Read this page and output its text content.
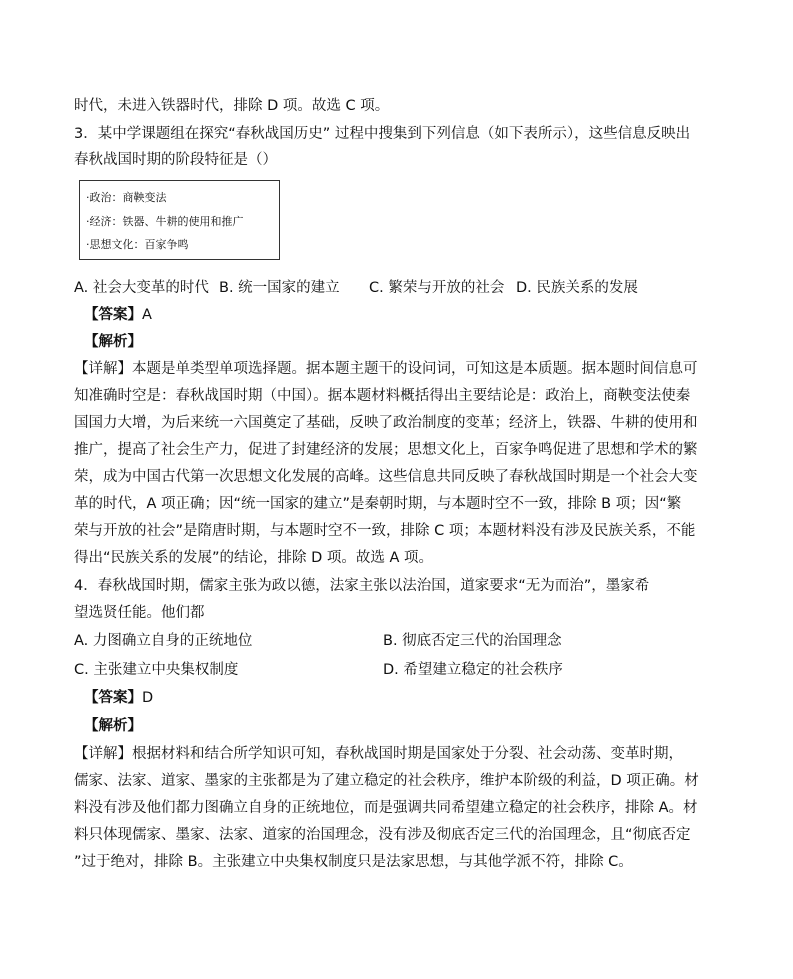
时代，未进入铁器时代，排除 D 项。故选 C 项。
3．某中学课题组在探究“春秋战国历史” 过程中搜集到下列信息（如下表所示），这些信息反映出
春秋战国时期的阶段特征是（）
·政治：商鞅变法
·经济：铁器、牛耕的使用和推广
·思想文化：百家争鸣
A. 社会大变革的时代 B. 统一国家的建立 C. 繁荣与开放的社会 D. 民族关系的发展
【答案】A
【解析】
【详解】本题是单类型单项选择题。据本题主题干的设问词，可知这是本质题。据本题时间信息可
知准确时空是：春秋战国时期（中国）。据本题材料概括得出主要结论是：政治上，商鞅变法使秦
国国力大增，为后来统一六国奠定了基础，反映了政治制度的变革；经济上，铁器、牛耕的使用和
推广，提高了社会生产力，促进了封建经济的发展；思想文化上，百家争鸣促进了思想和学术的繁
荣，成为中国古代第一次思想文化发展的高峰。这些信息共同反映了春秋战国时期是一个社会大变
革的时代，A 项正确；因“统一国家的建立”是秦朝时期，与本题时空不一致，排除 B 项；因“繁
荣与开放的社会”是隋唐时期，与本题时空不一致，排除 C 项；本题材料没有涉及民族关系，不能
得出“民族关系的发展”的结论，排除 D 项。故选 A 项。
4．春秋战国时期，儒家主张为政以德，法家主张以法治国，道家要求“无为而治”，墨家希
望选贤任能。他们都
A. 力图确立自身的正统地位	B. 彻底否定三代的治国理念
C. 主张建立中央集权制度	D. 希望建立稳定的社会秩序
【答案】D
【解析】
【详解】根据材料和结合所学知识可知，春秋战国时期是国家处于分裂、社会动荡、变革时期，
儒家、法家、道家、墨家的主张都是为了建立稳定的社会秩序，维护本阶级的利益，D 项正确。材
料没有涉及他们都力图确立自身的正统地位，而是强调共同希望建立稳定的社会秩序，排除 A。材
料只体现儒家、墨家、法家、道家的治国理念，没有涉及彻底否定三代的治国理念，且“彻底否定
”过于绝对，排除 B。主张建立中央集权制度只是法家思想，与其他学派不符，排除 C。
